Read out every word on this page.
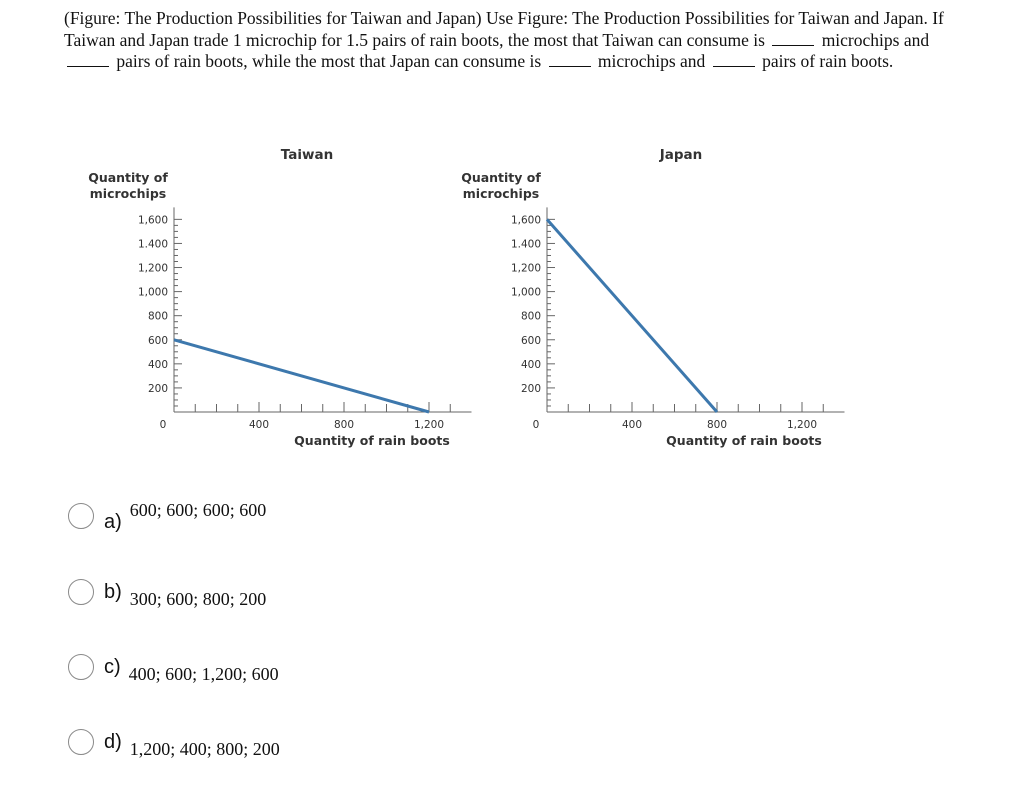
(Figure: The Production Possibilities for Taiwan and Japan) Use Figure: The Production Possibilities for Taiwan and Japan. If Taiwan and Japan trade 1 microchip for 1.5 pairs of rain boots, the most that Taiwan can consume is	microchips and  pairs of rain boots, while the most that Japan can consume is	microchips and	pairs of rain boots.

Taiwan
Quantity of
microchips
Quantity of rain boots
200
400
600
800
1,000
1,200
1.400
1,600
0	400	800	1,200
Japan
Quantity of
microchips
Quantity of rain boots
200
400
600
800
1,000
1,200
1.400
1,600
0	400	800	1,200
a)
600; 600; 600; 600
b) 300; 600; 800; 200
c) 400; 600; 1,200; 600
d) 1,200; 400; 800; 200
